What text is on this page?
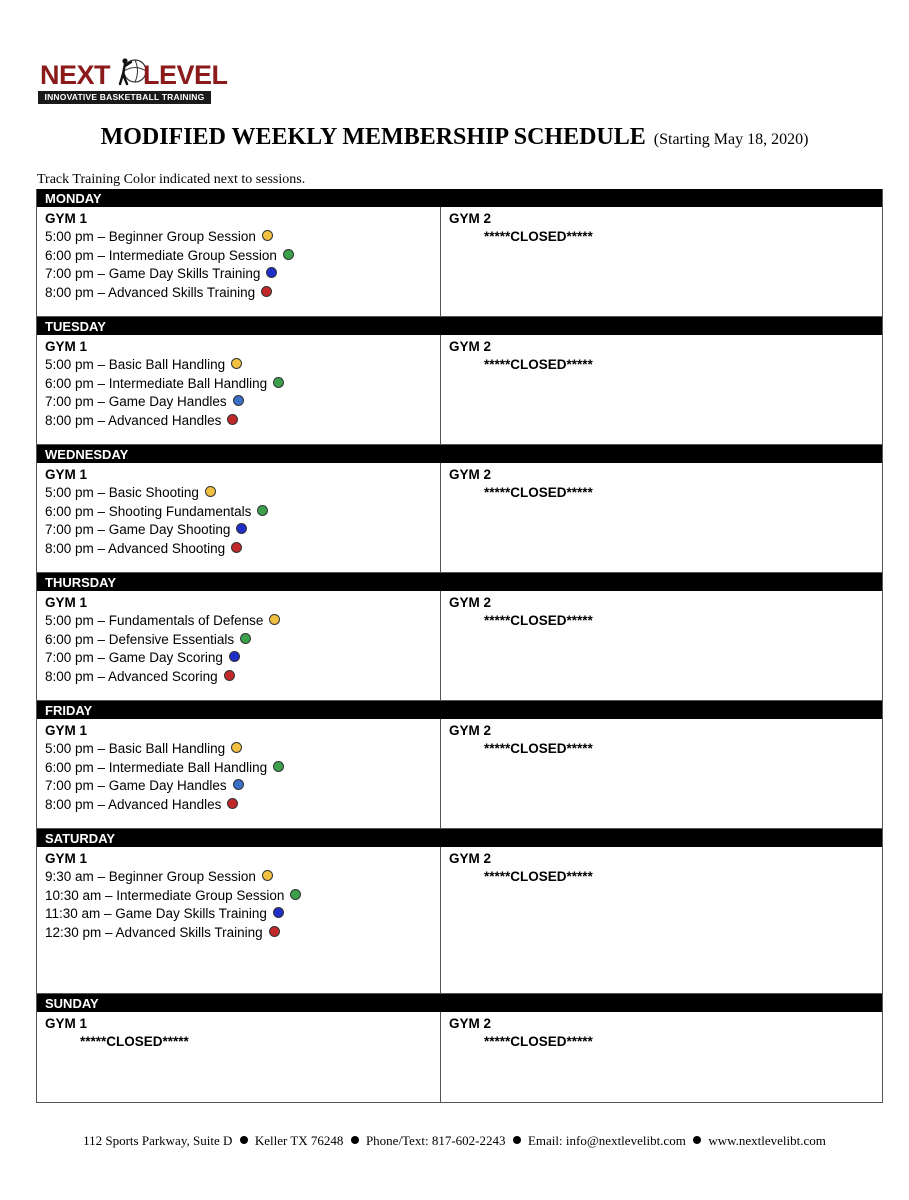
NEXT LEVEL
INNOVATIVE BASKETBALL TRAINING
MODIFIED WEEKLY MEMBERSHIP SCHEDULE (Starting May 18, 2020)
Track Training Color indicated next to sessions.
MONDAY
GYM 1
5:00 pm – Beginner Group Session
6:00 pm – Intermediate Group Session
7:00 pm – Game Day Skills Training
8:00 pm – Advanced Skills Training
GYM 2
*****CLOSED*****
TUESDAY
GYM 1
5:00 pm – Basic Ball Handling
6:00 pm – Intermediate Ball Handling
7:00 pm – Game Day Handles
8:00 pm – Advanced Handles
GYM 2
*****CLOSED*****
WEDNESDAY
GYM 1
5:00 pm – Basic Shooting
6:00 pm – Shooting Fundamentals
7:00 pm – Game Day Shooting
8:00 pm – Advanced Shooting
GYM 2
*****CLOSED*****
THURSDAY
GYM 1
5:00 pm – Fundamentals of Defense
6:00 pm – Defensive Essentials
7:00 pm – Game Day Scoring
8:00 pm – Advanced Scoring
GYM 2
*****CLOSED*****
FRIDAY
GYM 1
5:00 pm – Basic Ball Handling
6:00 pm – Intermediate Ball Handling
7:00 pm – Game Day Handles
8:00 pm – Advanced Handles
GYM 2
*****CLOSED*****
SATURDAY
GYM 1
9:30 am – Beginner Group Session
10:30 am – Intermediate Group Session
11:30 am – Game Day Skills Training
12:30 pm – Advanced Skills Training
GYM 2
*****CLOSED*****
SUNDAY
GYM 1
*****CLOSED*****
GYM 2
*****CLOSED*****
112 Sports Parkway, Suite D Keller TX 76248 Phone/Text: 817-602-2243 Email: info@nextlevelibt.com www.nextlevelibt.com
